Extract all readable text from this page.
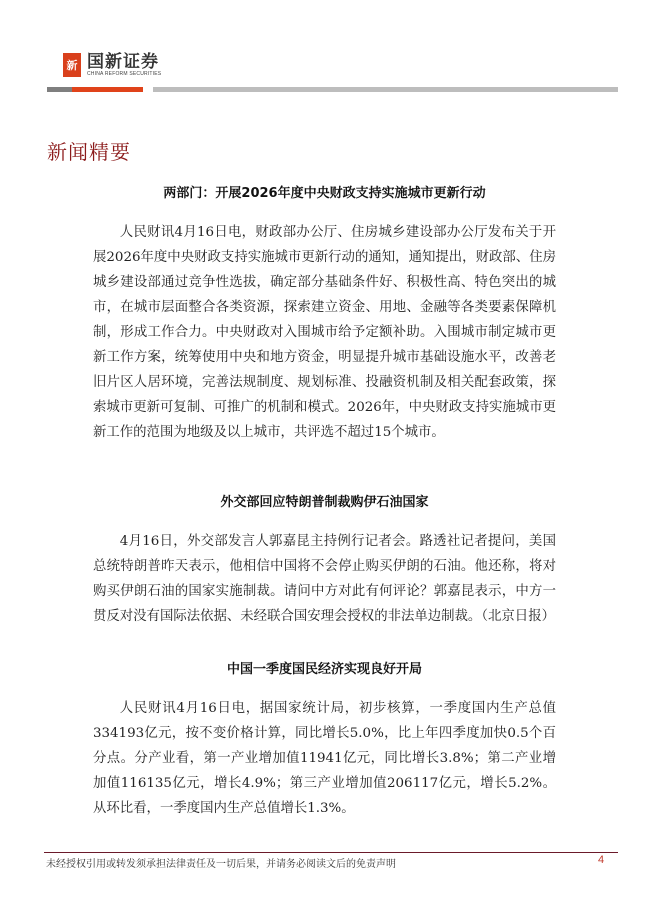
新 国新证券
CHINA REFORM SECURITIES
新闻精要
两部门：开展2026年度中央财政支持实施城市更新行动

人民财讯4月16日电，财政部办公厅、住房城乡建设部办公厅发布关于开展2026年度中央财政支持实施城市更新行动的通知，通知提出，财政部、住房城乡建设部通过竞争性选拔，确定部分基础条件好、积极性高、特色突出的城市，在城市层面整合各类资源，探索建立资金、用地、金融等各类要素保障机制，形成工作合力。中央财政对入围城市给予定额补助。入围城市制定城市更新工作方案，统筹使用中央和地方资金，明显提升城市基础设施水平，改善老旧片区人居环境，完善法规制度、规划标准、投融资机制及相关配套政策，探索城市更新可复制、可推广的机制和模式。2026年，中央财政支持实施城市更新工作的范围为地级及以上城市，共评选不超过15个城市。

外交部回应特朗普制裁购伊石油国家

4月16日，外交部发言人郭嘉昆主持例行记者会。路透社记者提问，美国总统特朗普昨天表示，他相信中国将不会停止购买伊朗的石油。他还称，将对购买伊朗石油的国家实施制裁。请问中方对此有何评论？郭嘉昆表示，中方一贯反对没有国际法依据、未经联合国安理会授权的非法单边制裁。（北京日报）

中国一季度国民经济实现良好开局

人民财讯4月16日电，据国家统计局，初步核算，一季度国内生产总值334193亿元，按不变价格计算，同比增长5.0%，比上年四季度加快0.5个百分点。分产业看，第一产业增加值11941亿元，同比增长3.8%；第二产业增加值116135亿元，增长4.9%；第三产业增加值206117亿元，增长5.2%。从环比看，一季度国内生产总值增长1.3%。

未经授权引用或转发须承担法律责任及一切后果，并请务必阅读文后的免责声明	4
